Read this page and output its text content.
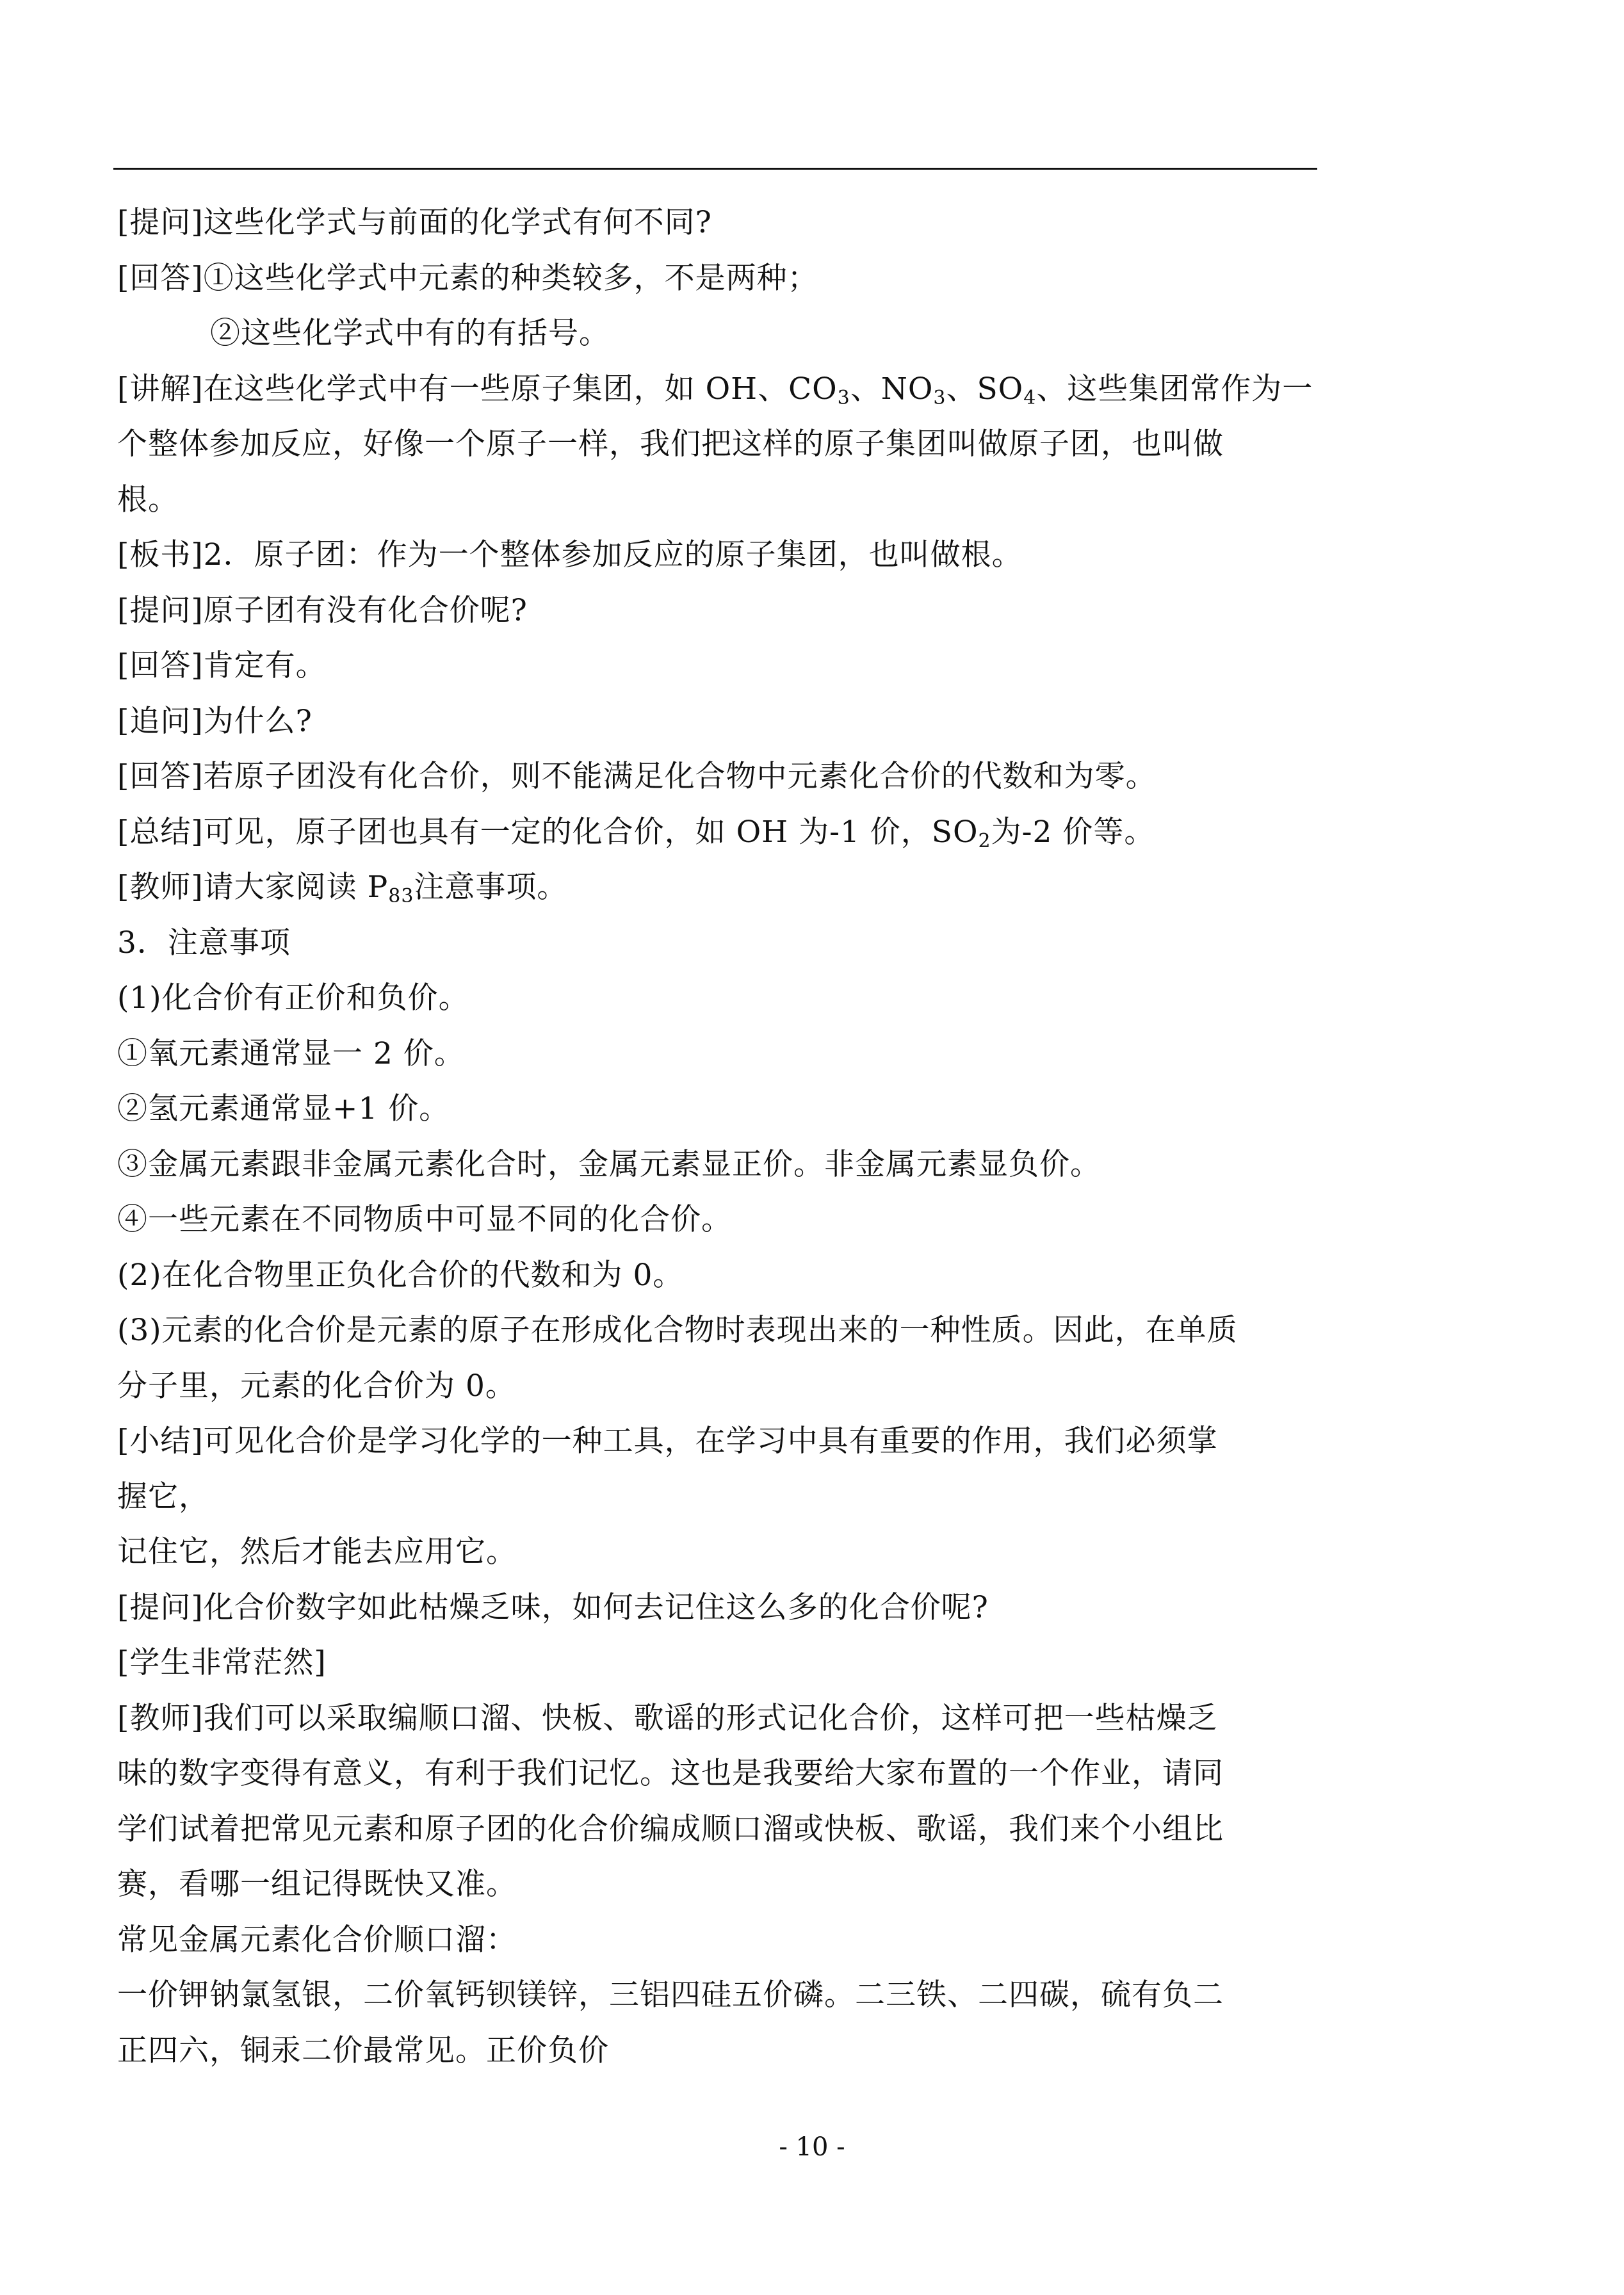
[提问]这些化学式与前面的化学式有何不同?
[回答]①这些化学式中元素的种类较多，不是两种；
②这些化学式中有的有括号。
[讲解]在这些化学式中有一些原子集团，如 OH、$CO_3$、$NO_3$、$SO_4$、这些集团常作为一
个整体参加反应，好像一个原子一样，我们把这样的原子集团叫做原子团，也叫做
根。
[板书]2．原子团：作为一个整体参加反应的原子集团，也叫做根。
[提问]原子团有没有化合价呢?
[回答]肯定有。
[追问]为什么?
[回答]若原子团没有化合价，则不能满足化合物中元素化合价的代数和为零。
[总结]可见，原子团也具有一定的化合价，如 OH 为-1 价，$SO_2$为-2 价等。
[教师]请大家阅读 $P_{83}$注意事项。
3．注意事项
(1)化合价有正价和负价。
①氧元素通常显一 2 价。
②氢元素通常显+1 价。
③金属元素跟非金属元素化合时，金属元素显正价。非金属元素显负价。
④一些元素在不同物质中可显不同的化合价。
(2)在化合物里正负化合价的代数和为 0。
(3)元素的化合价是元素的原子在形成化合物时表现出来的一种性质。因此，在单质
分子里，元素的化合价为 0。
[小结]可见化合价是学习化学的一种工具，在学习中具有重要的作用，我们必须掌
握它，
记住它，然后才能去应用它。
[提问]化合价数字如此枯燥乏味，如何去记住这么多的化合价呢?
[学生非常茫然]
[教师]我们可以采取编顺口溜、快板、歌谣的形式记化合价，这样可把一些枯燥乏
味的数字变得有意义，有利于我们记忆。这也是我要给大家布置的一个作业，请同
学们试着把常见元素和原子团的化合价编成顺口溜或快板、歌谣，我们来个小组比
赛，看哪一组记得既快又准。
常见金属元素化合价顺口溜：
一价钾钠氯氢银，二价氧钙钡镁锌，三铝四硅五价磷。二三铁、二四碳，硫有负二
正四六，铜汞二价最常见。正价负价
- 10 -
